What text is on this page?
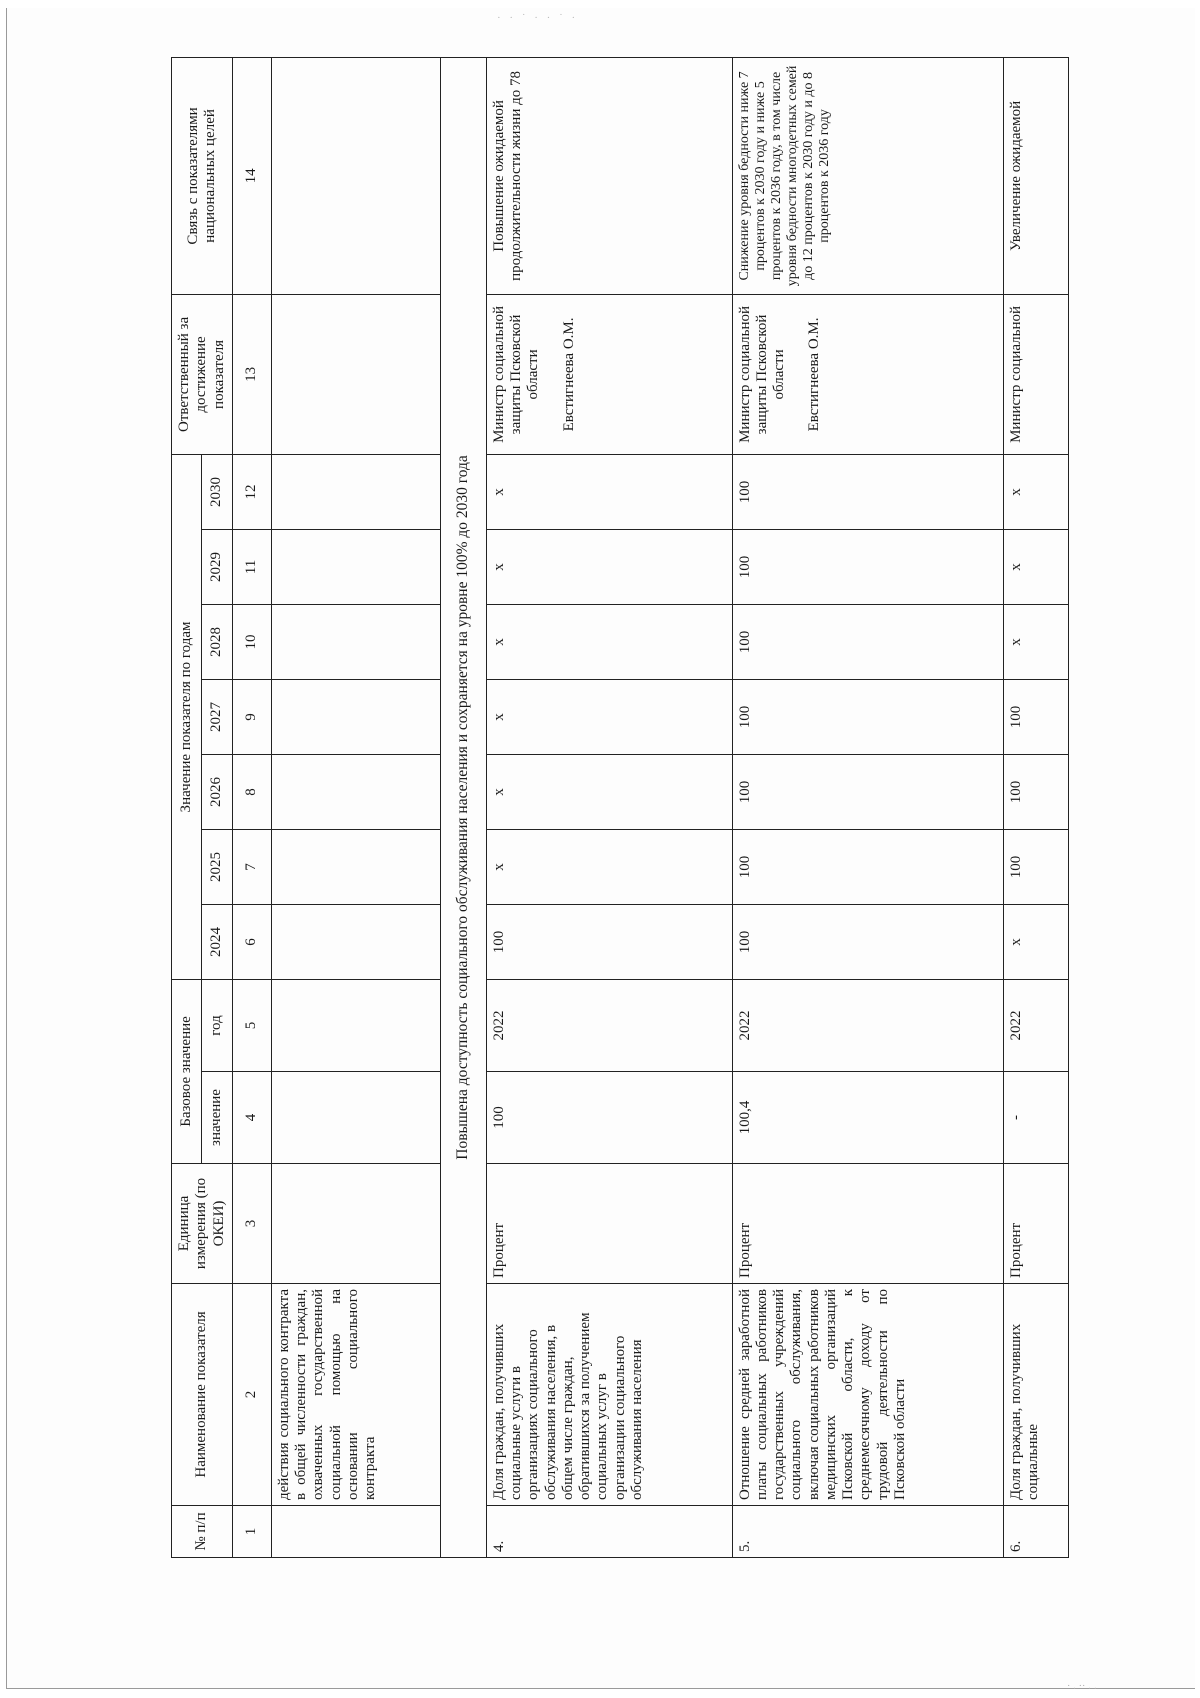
· · ˙ · · ˙ ·
№ п/п	Наименование показателя	Единица измерения (по ОКЕИ)	Базовое значение		Значение показателя по годам							Ответственный за достижение показателя	Связь с показателями национальных целей
			значение	год	2024	2025	2026	2027	2028	2029	2030		
1	2	3	4	5	6	7	8	9	10	11	12	13	14
	действия социального контракта в общей численности граждан, охваченных государственной социальной помощью на основании социального контракта												
Повышена доступность социального обслуживания населения и сохраняется на уровне 100% до 2030 года													
4.	Доля граждан, получивших социальные услуги в организациях социального обслуживания населения, в общем числе граждан, обратившихся за получением социальных услуг в организации социального обслуживания населения	Процент	100	2022	100	x	x	x	x	x	x	Министр социальной защиты Псковской области Евстигнеева О.М.	Повышение ожидаемой продолжительности жизни до 78
5.	Отношение средней заработной платы социальных работников государственных учреждений социального обслуживания, включая социальных работников медицинских организаций Псковской области, к среднемесячному доходу от трудовой деятельности по Псковской области	Процент	100,4	2022	100	100	100	100	100	100	100	Министр социальной защиты Псковской области Евстигнеева О.М.	Снижение уровня бедности ниже 7 процентов к 2030 году и ниже 5 процентов к 2036 году, в том числе уровня бедности многодетных семей до 12 процентов к 2030 году и до 8 процентов к 2036 году
6.	Доля граждан, получивших социальные	Процент	-	2022	x	100	100	100	x	x	x	Министр социальной	Увеличение ожидаемой
˙ · ˙˙ · ·
